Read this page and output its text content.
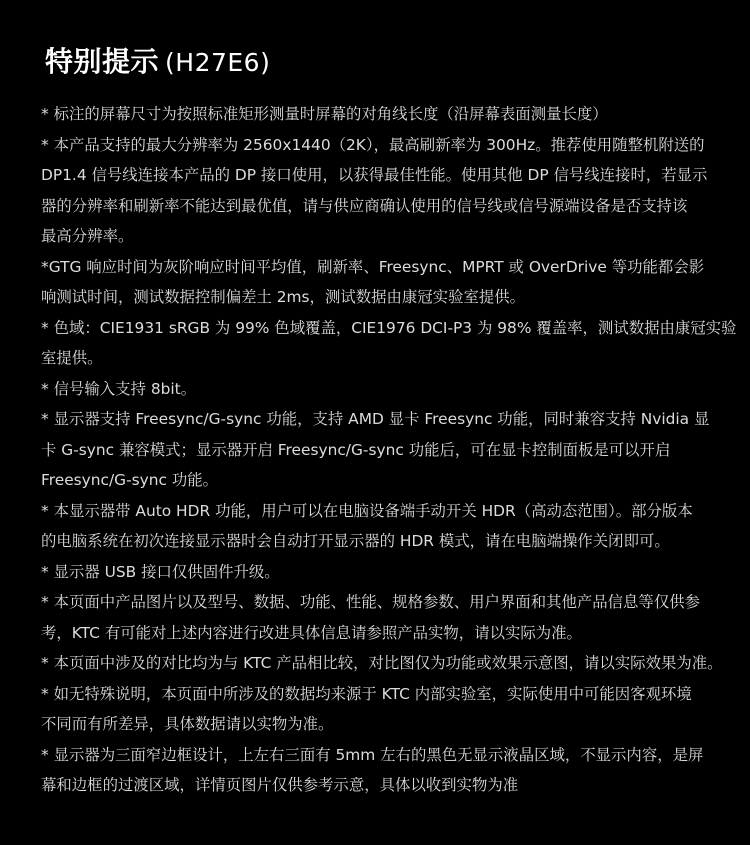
特别提示 (H27E6)
* 标注的屏幕尺寸为按照标准矩形测量时屏幕的对角线长度（沿屏幕表面测量长度）
* 本产品支持的最大分辨率为 2560x1440（2K），最高刷新率为 300Hz。推荐使用随整机附送的
DP1.4 信号线连接本产品的 DP 接口使用，以获得最佳性能。使用其他 DP 信号线连接时，若显示
器的分辨率和刷新率不能达到最优值，请与供应商确认使用的信号线或信号源端设备是否支持该
最高分辨率。
*GTG 响应时间为灰阶响应时间平均值，刷新率、Freesync、MPRT 或 OverDrive 等功能都会影
响测试时间，测试数据控制偏差土 2ms，测试数据由康冠实验室提供。
* 色域：CIE1931 sRGB 为 99% 色域覆盖，CIE1976 DCI-P3 为 98% 覆盖率，测试数据由康冠实验
室提供。
* 信号输入支持 8bit。
* 显示器支持 Freesync/G-sync 功能，支持 AMD 显卡 Freesync 功能，同时兼容支持 Nvidia 显
卡 G-sync 兼容模式；显示器开启 Freesync/G-sync 功能后，可在显卡控制面板是可以开启
Freesync/G-sync 功能。
* 本显示器带 Auto HDR 功能，用户可以在电脑设备端手动开关 HDR（高动态范围）。部分版本
的电脑系统在初次连接显示器时会自动打开显示器的 HDR 模式，请在电脑端操作关闭即可。
* 显示器 USB 接口仅供固件升级。
* 本页面中产品图片以及型号、数据、功能、性能、规格参数、用户界面和其他产品信息等仅供参
考，KTC 有可能对上述内容进行改进具体信息请参照产品实物，请以实际为准。
* 本页面中涉及的对比均为与 KTC 产品相比较，对比图仅为功能或效果示意图，请以实际效果为准。
* 如无特殊说明，本页面中所涉及的数据均来源于 KTC 内部实验室，实际使用中可能因客观环境
不同而有所差异，具体数据请以实物为准。
* 显示器为三面窄边框设计，上左右三面有 5mm 左右的黑色无显示液晶区域，不显示内容，是屏
幕和边框的过渡区域，详情页图片仅供参考示意，具体以收到实物为准
